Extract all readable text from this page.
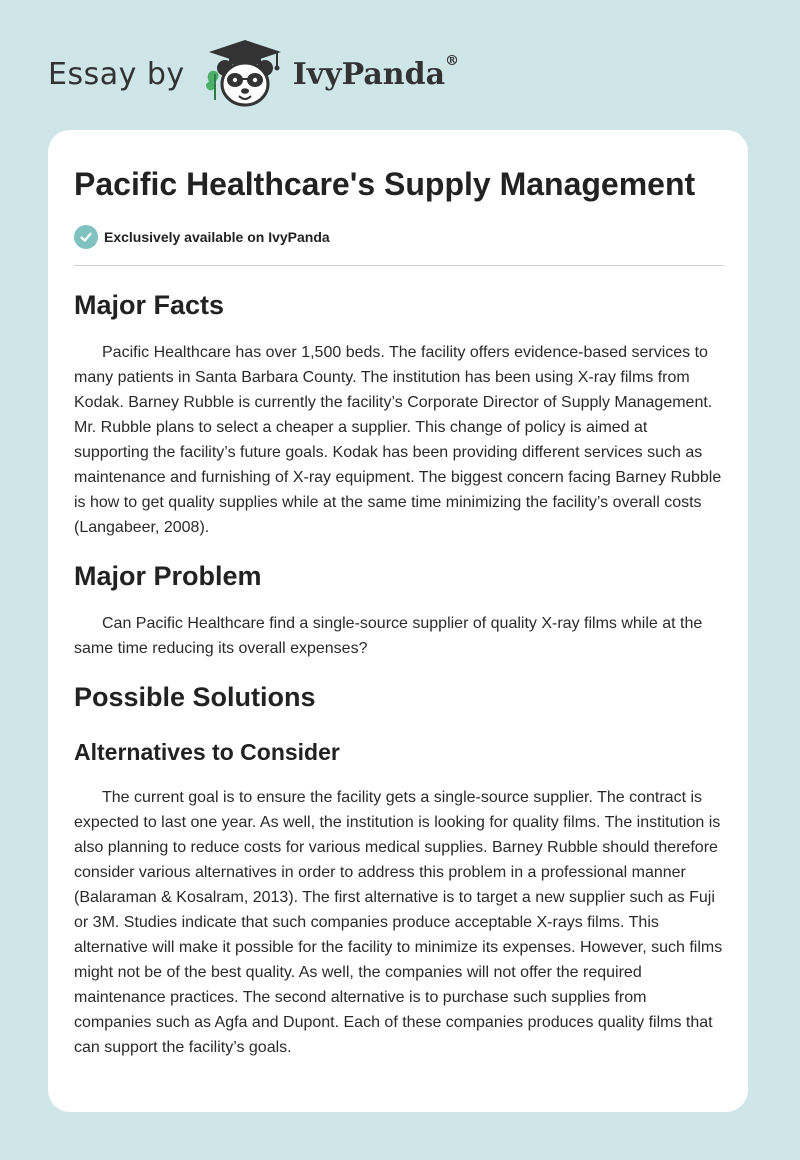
Essay by	IvyPanda®
Pacific Healthcare's Supply Management
Exclusively available on IvyPanda
Major Facts

Pacific Healthcare has over 1,500 beds. The facility offers evidence-based services to many patients in Santa Barbara County. The institution has been using X-ray films from Kodak. Barney Rubble is currently the facility’s Corporate Director of Supply Management. Mr. Rubble plans to select a cheaper a supplier. This change of policy is aimed at supporting the facility’s future goals. Kodak has been providing different services such as maintenance and furnishing of X-ray equipment. The biggest concern facing Barney Rubble is how to get quality supplies while at the same time minimizing the facility’s overall costs (Langabeer, 2008).

Major Problem

Can Pacific Healthcare find a single-source supplier of quality X-ray films while at the same time reducing its overall expenses?

Possible Solutions
Alternatives to Consider

The current goal is to ensure the facility gets a single-source supplier. The contract is expected to last one year. As well, the institution is looking for quality films. The institution is also planning to reduce costs for various medical supplies. Barney Rubble should therefore consider various alternatives in order to address this problem in a professional manner (Balaraman & Kosalram, 2013). The first alternative is to target a new supplier such as Fuji or 3M. Studies indicate that such companies produce acceptable X-rays films. This alternative will make it possible for the facility to minimize its expenses. However, such films might not be of the best quality. As well, the companies will not offer the required maintenance practices. The second alternative is to purchase such supplies from companies such as Agfa and Dupont. Each of these companies produces quality films that can support the facility’s goals.
